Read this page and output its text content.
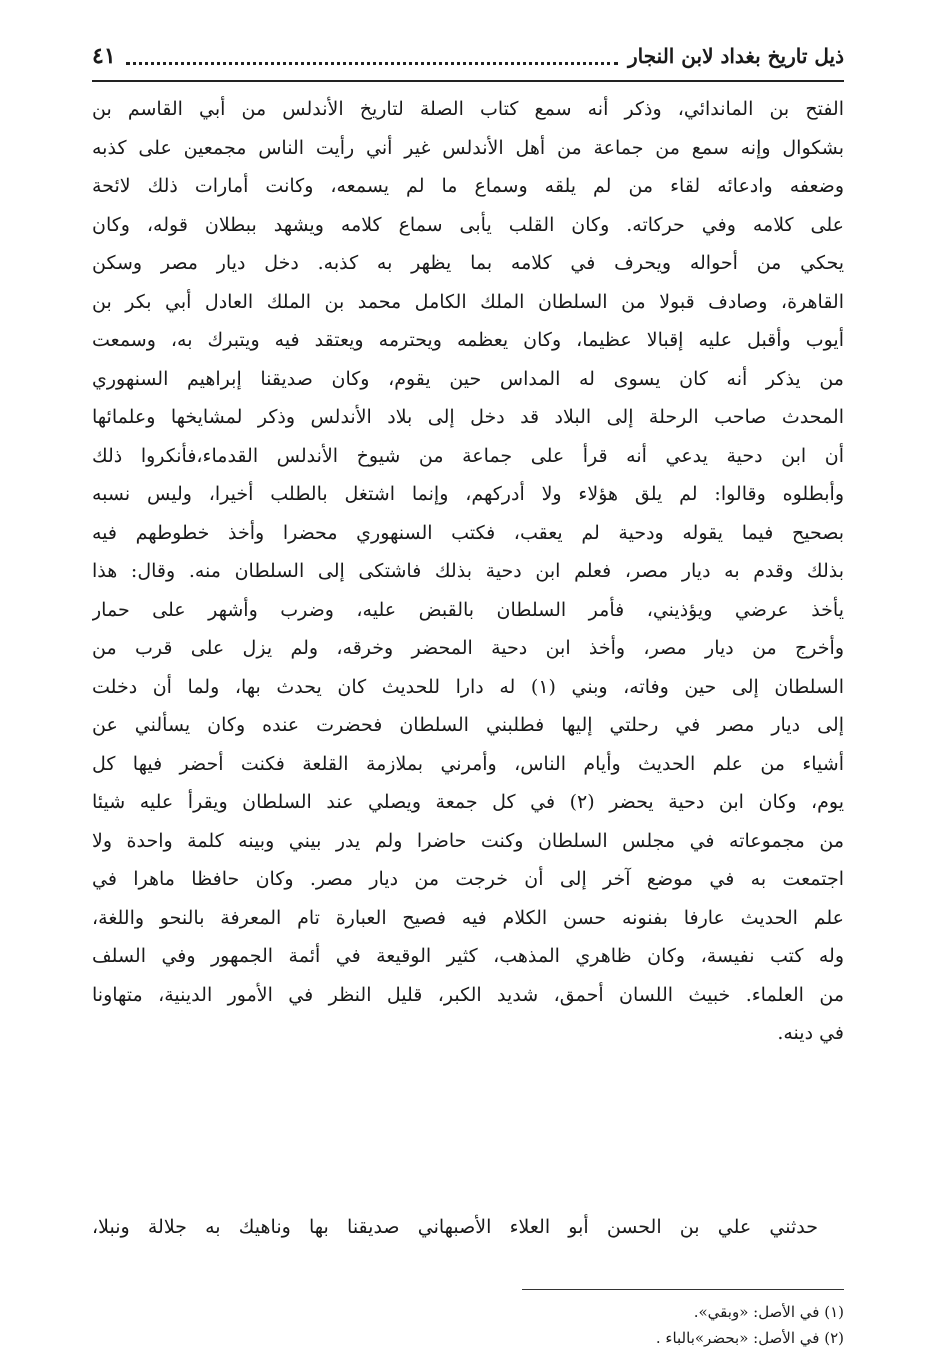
ذيل تاريخ بغداد لابن النجار
٤١
الفتح بن الماندائي، وذكر أنه سمع كتاب الصلة لتاريخ الأندلس من أبي القاسم بن
بشكوال وإنه سمع من جماعة من أهل الأندلس غير أني رأيت الناس مجمعين على كذبه
وضعفه وادعائه لقاء من لم يلقه وسماع ما لم يسمعه، وكانت أمارات ذلك لائحة
على كلامه وفي حركاته. وكان القلب يأبى سماع كلامه ويشهد ببطلان قوله، وكان
يحكي من أحواله ويحرف في كلامه بما يظهر به كذبه. دخل ديار مصر وسكن
القاهرة، وصادف قبولا من السلطان الملك الكامل محمد بن الملك العادل أبي بكر بن
أيوب وأقبل عليه إقبالا عظيما، وكان يعظمه ويحترمه ويعتقد فيه ويتبرك به، وسمعت
من يذكر أنه كان يسوى له المداس حين يقوم، وكان صديقنا إبراهيم السنهوري
المحدث صاحب الرحلة إلى البلاد قد دخل إلى بلاد الأندلس وذكر لمشايخها وعلمائها
أن ابن دحية يدعي أنه قرأ على جماعة من شيوخ الأندلس القدماء،فأنكروا ذلك
وأبطلوه وقالوا: لم يلق هؤلاء ولا أدركهم، وإنما اشتغل بالطلب أخيرا، وليس نسبه
بصحيح فيما يقوله ودحية لم يعقب، فكتب السنهوري محضرا وأخذ خطوطهم فيه
بذلك وقدم به ديار مصر، فعلم ابن دحية بذلك فاشتكى إلى السلطان منه. وقال: هذا
يأخذ عرضي ويؤذيني، فأمر السلطان بالقبض عليه، وضرب وأشهر على حمار
وأخرج من ديار مصر، وأخذ ابن دحية المحضر وخرقه، ولم يزل على قرب من
السلطان إلى حين وفاته، وبني (١) له دارا للحديث كان يحدث بها، ولما أن دخلت
إلى ديار مصر في رحلتي إليها فطلبني السلطان فحضرت عنده وكان يسألني عن
أشياء من علم الحديث وأيام الناس، وأمرني بملازمة القلعة فكنت أحضر فيها كل
يوم، وكان ابن دحية يحضر (٢) في كل جمعة ويصلي عند السلطان ويقرأ عليه شيئا
من مجموعاته في مجلس السلطان وكنت حاضرا ولم يدر بيني وبينه كلمة واحدة ولا
اجتمعت به في موضع آخر إلى أن خرجت من ديار مصر. وكان حافظا ماهرا في
علم الحديث عارفا بفنونه حسن الكلام فيه فصيح العبارة تام المعرفة بالنحو واللغة،
وله كتب نفيسة، وكان ظاهري المذهب، كثير الوقيعة في أئمة الجمهور وفي السلف
من العلماء. خبيث اللسان أحمق، شديد الكبر، قليل النظر في الأمور الدينية، متهاونا
في دينه.
حدثني علي بن الحسن أبو العلاء الأصبهاني صديقنا بها وناهيك به جلالة ونبلا،
(١) في الأصل: «وبقي».
(٢) في الأصل: «بحضر»بالباء .
